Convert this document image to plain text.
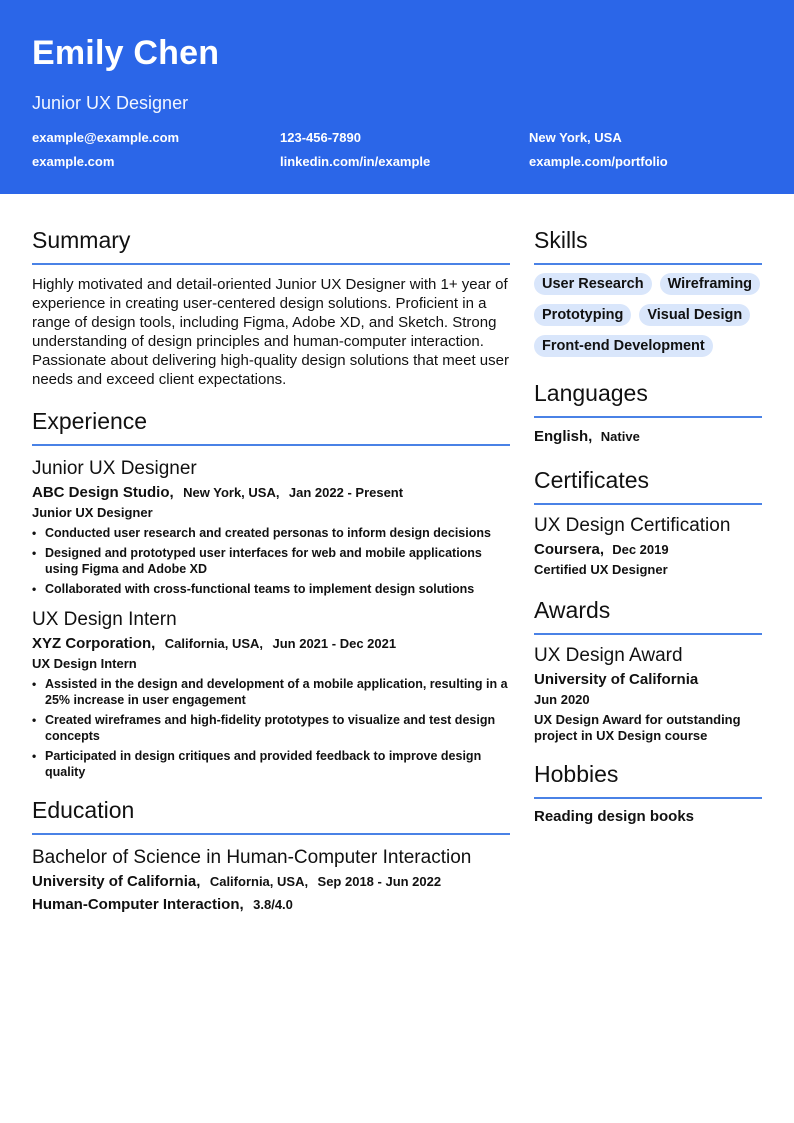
Emily Chen
Junior UX Designer
example@example.com	123-456-7890	New York, USA
example.com	linkedin.com/in/example	example.com/portfolio
Summary

Highly motivated and detail-oriented Junior UX Designer with 1+ year of experience in creating user-centered design solutions. Proficient in a range of design tools, including Figma, Adobe XD, and Sketch. Strong understanding of design principles and human-computer interaction. Passionate about delivering high-quality design solutions that meet user needs and exceed client expectations.

Experience
Junior UX Designer
ABC Design Studio, New York, USA, Jan 2022 - Present
Junior UX Designer
• Conducted user research and created personas to inform design decisions
• Designed and prototyped user interfaces for web and mobile applications using Figma and Adobe XD
• Collaborated with cross-functional teams to implement design solutions
UX Design Intern
XYZ Corporation, California, USA, Jun 2021 - Dec 2021
UX Design Intern
• Assisted in the design and development of a mobile application, resulting in a 25% increase in user engagement
• Created wireframes and high-fidelity prototypes to visualize and test design concepts
• Participated in design critiques and provided feedback to improve design quality
Education
Bachelor of Science in Human-Computer Interaction
University of California, California, USA, Sep 2018 - Jun 2022
Human-Computer Interaction, 3.8/4.0
Skills
User Research	Wireframing
Prototyping	Visual Design
Front-end Development
Languages
English, Native
Certificates
UX Design Certification
Coursera, Dec 2019
Certified UX Designer
Awards
UX Design Award
University of California
Jun 2020
UX Design Award for outstanding project in UX Design course
Hobbies
Reading design books
